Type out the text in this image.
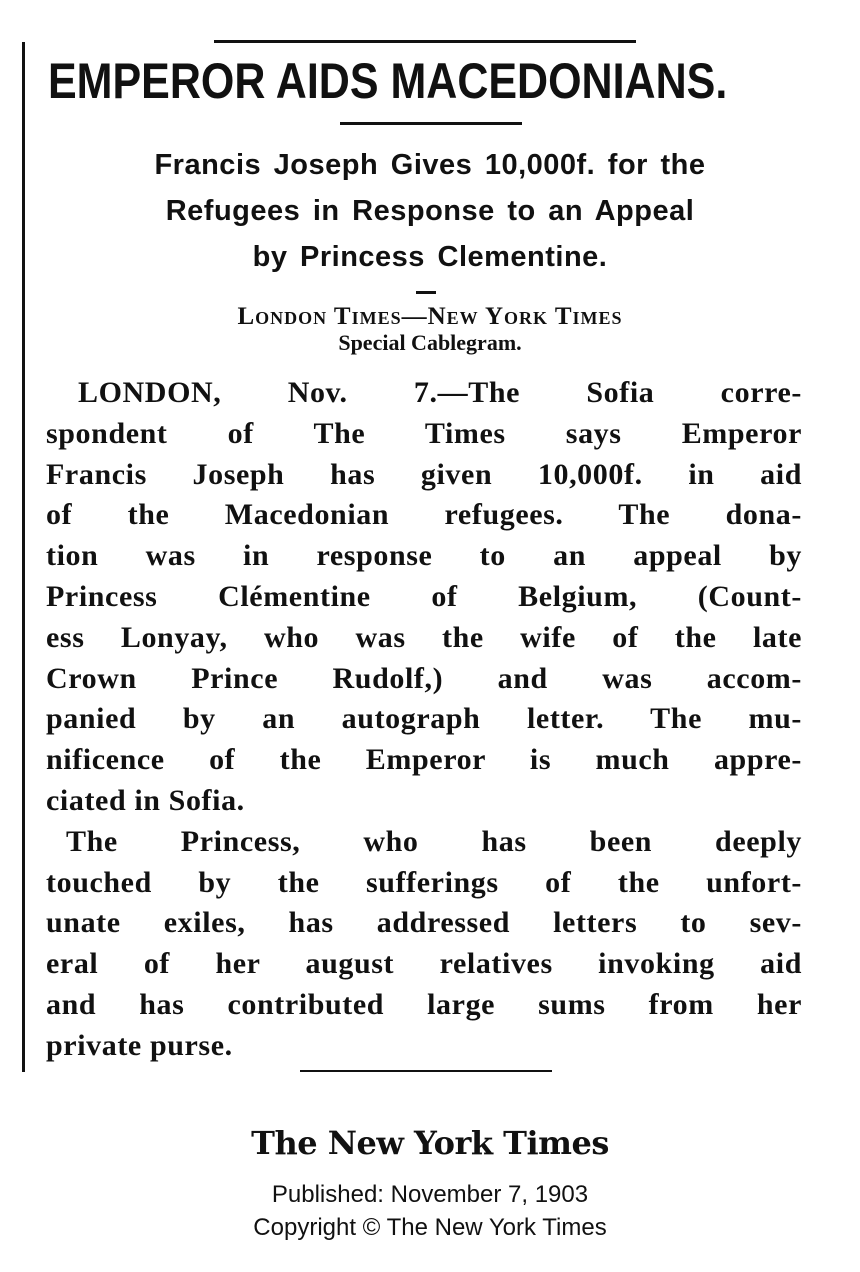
EMPEROR AIDS MACEDONIANS.
Francis Joseph Gives 10,000f. for the
Refugees in Response to an Appeal
by Princess Clementine.
London Times—New York Times
Special Cablegram.
LONDON, Nov. 7.—The Sofia corre-
spondent of The Times says Emperor
Francis Joseph has given 10,000f. in aid
of the Macedonian refugees. The dona-
tion was in response to an appeal by
Princess Clémentine of Belgium, (Count-
ess Lonyay, who was the wife of the late
Crown Prince Rudolf,) and was accom-
panied by an autograph letter. The mu-
nificence of the Emperor is much appre-
ciated in Sofia.
The Princess, who has been deeply
touched by the sufferings of the unfort-
unate exiles, has addressed letters to sev-
eral of her august relatives invoking aid
and has contributed large sums from her
private purse.
The New York Times
Published: November 7, 1903
Copyright © The New York Times
